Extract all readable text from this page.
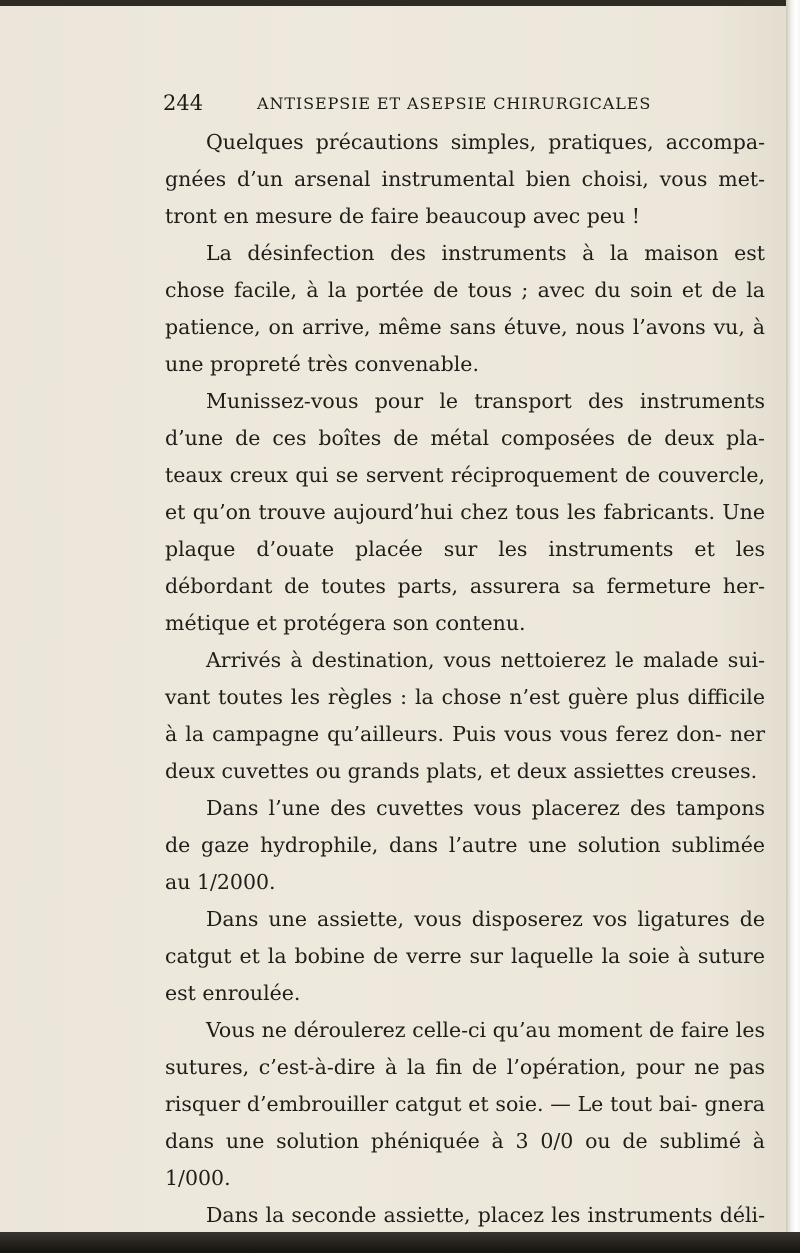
244	ANTISEPSIE ET ASEPSIE CHIRURGICALES

Quelques précautions simples, pratiques, accompa- gnées d’un arsenal instrumental bien choisi, vous met- tront en mesure de faire beaucoup avec peu !

La désinfection des instruments à la maison est chose facile, à la portée de tous ; avec du soin et de la patience, on arrive, même sans étuve, nous l’avons vu, à une propreté très convenable.

Munissez-vous pour le transport des instruments d’une de ces boîtes de métal composées de deux pla- teaux creux qui se servent réciproquement de couvercle, et qu’on trouve aujourd’hui chez tous les fabricants. Une plaque d’ouate placée sur les instruments et les débordant de toutes parts, assurera sa fermeture her- métique et protégera son contenu.

Arrivés à destination, vous nettoierez le malade sui- vant toutes les règles : la chose n’est guère plus difficile à la campagne qu’ailleurs. Puis vous vous ferez don- ner deux cuvettes ou grands plats, et deux assiettes creuses.

Dans l’une des cuvettes vous placerez des tampons de gaze hydrophile, dans l’autre une solution sublimée au 1/2000.

Dans une assiette, vous disposerez vos ligatures de catgut et la bobine de verre sur laquelle la soie à suture est enroulée.

Vous ne déroulerez celle-ci qu’au moment de faire les sutures, c’est-à-dire à la fin de l’opération, pour ne pas risquer d’embrouiller catgut et soie. — Le tout bai- gnera dans une solution phéniquée à 3 0/0 ou de sublimé à 1/000.

Dans la seconde assiette, placez les instruments déli-
